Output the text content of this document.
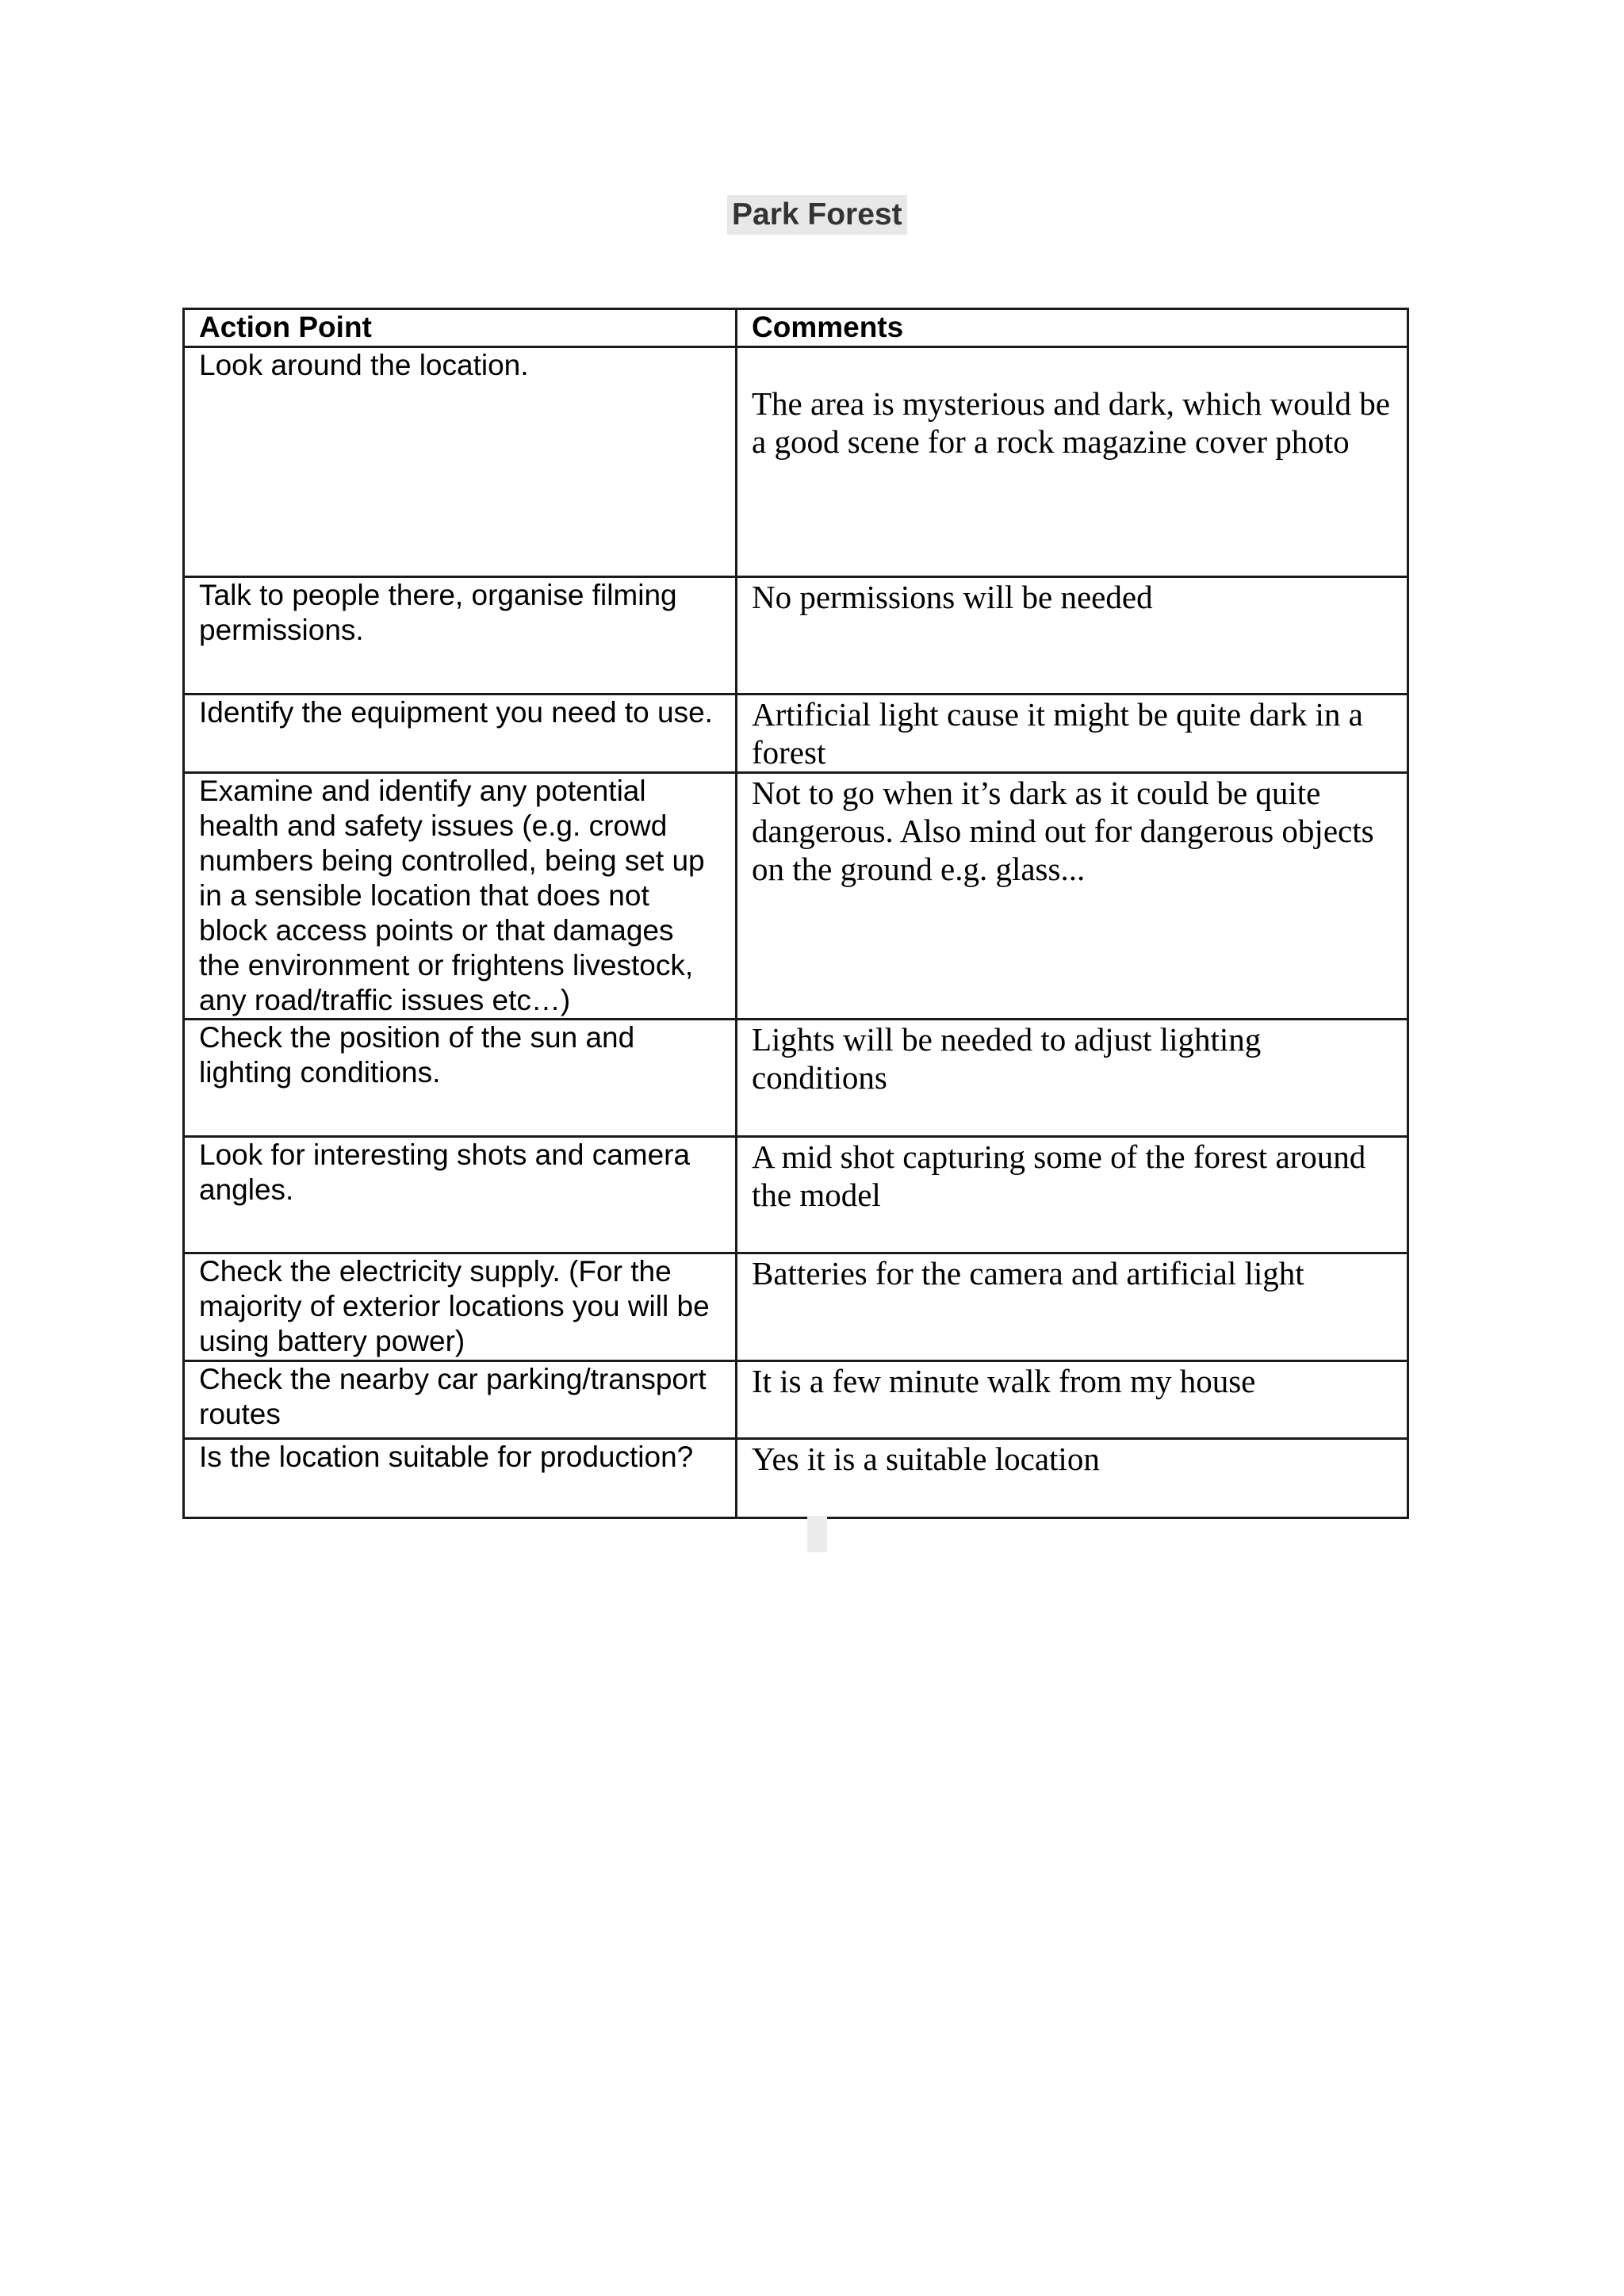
Park Forest
Action Point	Comments
Look around the location.	The area is mysterious and dark, which would be a good scene for a rock magazine cover photo
Talk to people there, organise filming permissions.	No permissions will be needed
Identify the equipment you need to use.	Artificial light cause it might be quite dark in a forest
Examine and identify any potential health and safety issues (e.g. crowd numbers being controlled, being set up in a sensible location that does not block access points or that damages the environment or frightens livestock, any road/traffic issues etc…)	Not to go when it’s dark as it could be quite dangerous. Also mind out for dangerous objects on the ground e.g. glass...
Check the position of the sun and lighting conditions.	Lights will be needed to adjust lighting conditions
Look for interesting shots and camera angles.	A mid shot capturing some of the forest around the model
Check the electricity supply. (For the majority of exterior locations you will be using battery power)	Batteries for the camera and artificial light
Check the nearby car parking/transport routes	It is a few minute walk from my house
Is the location suitable for production?	Yes it is a suitable location
